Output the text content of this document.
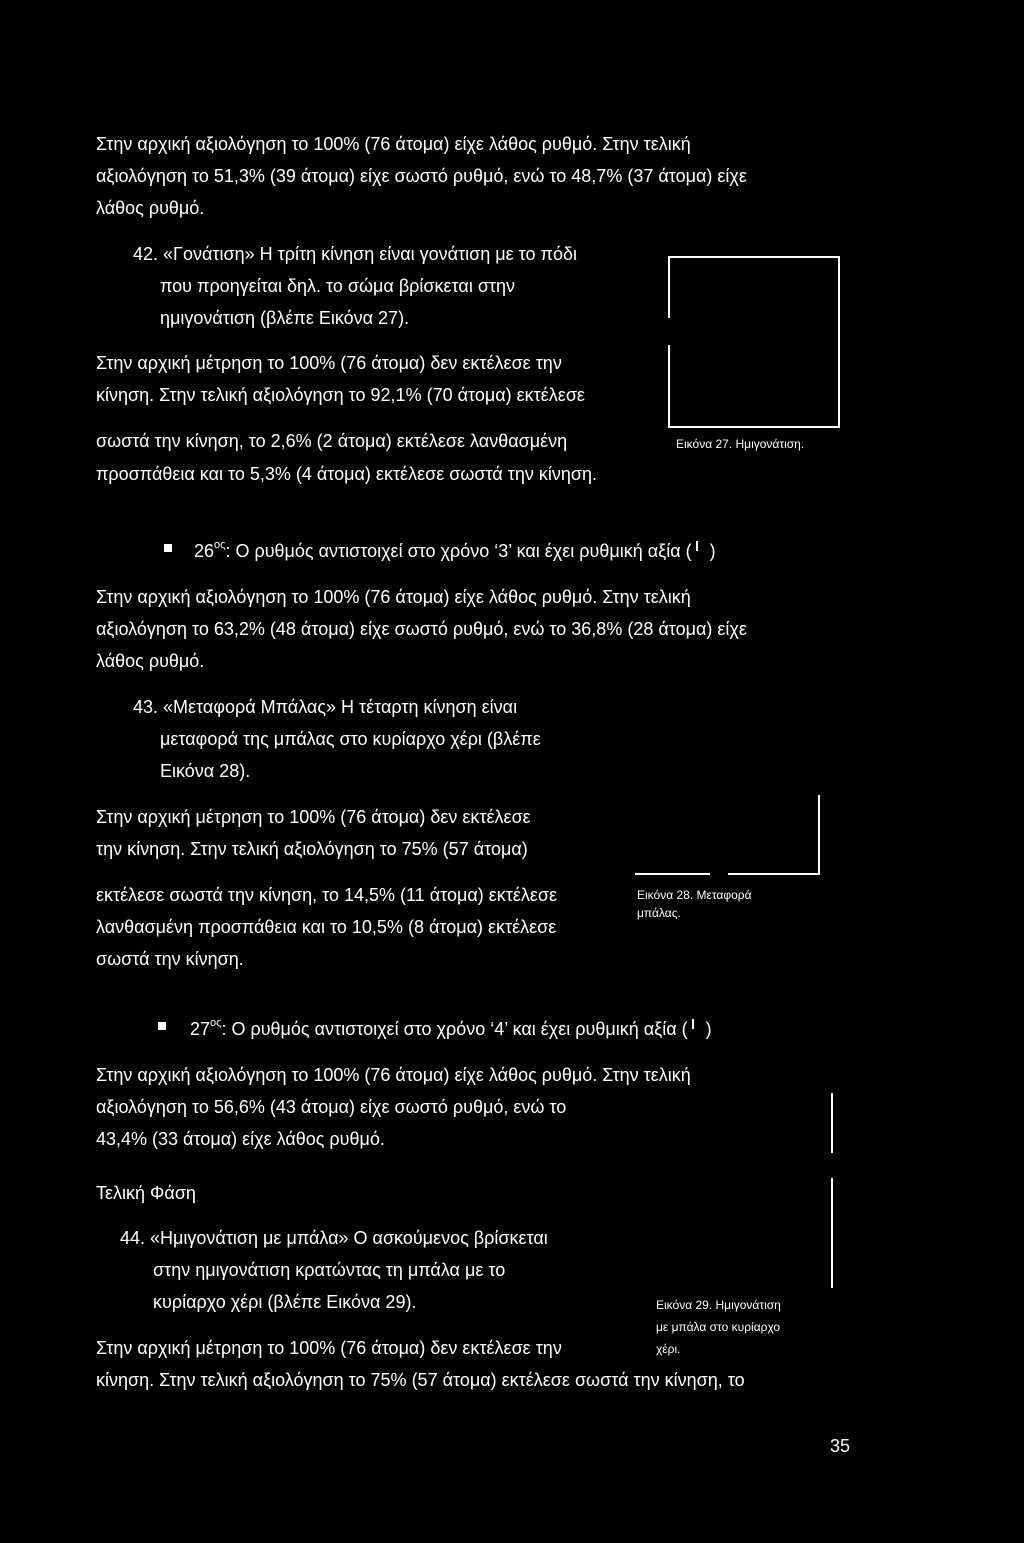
Στην αρχική αξιολόγηση το 100% (76 άτομα) είχε λάθος ρυθμό. Στην τελική
αξιολόγηση το 51,3% (39 άτομα) είχε σωστό ρυθμό, ενώ το 48,7% (37 άτομα) είχε
λάθος ρυθμό.
42. «Γονάτιση» Η τρίτη κίνηση είναι γονάτιση με το πόδι
που προηγείται δηλ. το σώμα βρίσκεται στην
ημιγονάτιση (βλέπε Εικόνα 27).
Στην αρχική μέτρηση το 100% (76 άτομα) δεν εκτέλεσε την
κίνηση. Στην τελική αξιολόγηση το 92,1% (70 άτομα) εκτέλεσε
σωστά την κίνηση, το 2,6% (2 άτομα) εκτέλεσε λανθασμένη
προσπάθεια και το 5,3% (4 άτομα) εκτέλεσε σωστά την κίνηση.
Εικόνα 27. Ημιγονάτιση.
$26^{o\varsigma}$: Ο ρυθμός αντιστοιχεί στο χρόνο ‘3’ και έχει ρυθμική αξία ( )
Στην αρχική αξιολόγηση το 100% (76 άτομα) είχε λάθος ρυθμό. Στην τελική
αξιολόγηση το 63,2% (48 άτομα) είχε σωστό ρυθμό, ενώ το 36,8% (28 άτομα) είχε
λάθος ρυθμό.
43. «Μεταφορά Μπάλας» Η τέταρτη κίνηση είναι
μεταφορά της μπάλας στο κυρίαρχο χέρι (βλέπε
Εικόνα 28).
Στην αρχική μέτρηση το 100% (76 άτομα) δεν εκτέλεσε
την κίνηση. Στην τελική αξιολόγηση το 75% (57 άτομα)
εκτέλεσε σωστά την κίνηση, το 14,5% (11 άτομα) εκτέλεσε
λανθασμένη προσπάθεια και το 10,5% (8 άτομα) εκτέλεσε
σωστά την κίνηση.
Εικόνα 28. Μεταφορά
μπάλας.
$27^{o\varsigma}$: Ο ρυθμός αντιστοιχεί στο χρόνο ‘4’ και έχει ρυθμική αξία ( )
Στην αρχική αξιολόγηση το 100% (76 άτομα) είχε λάθος ρυθμό. Στην τελική
αξιολόγηση το 56,6% (43 άτομα) είχε σωστό ρυθμό, ενώ το
43,4% (33 άτομα) είχε λάθος ρυθμό.
Τελική Φάση
44. «Ημιγονάτιση με μπάλα» Ο ασκούμενος βρίσκεται
στην ημιγονάτιση κρατώντας τη μπάλα με το
κυρίαρχο χέρι (βλέπε Εικόνα 29).	Εικόνα 29. Ημιγονάτιση
με μπάλα στο κυρίαρχο
χέρι.
Στην αρχική μέτρηση το 100% (76 άτομα) δεν εκτέλεσε την
κίνηση. Στην τελική αξιολόγηση το 75% (57 άτομα) εκτέλεσε σωστά την κίνηση, το
35
